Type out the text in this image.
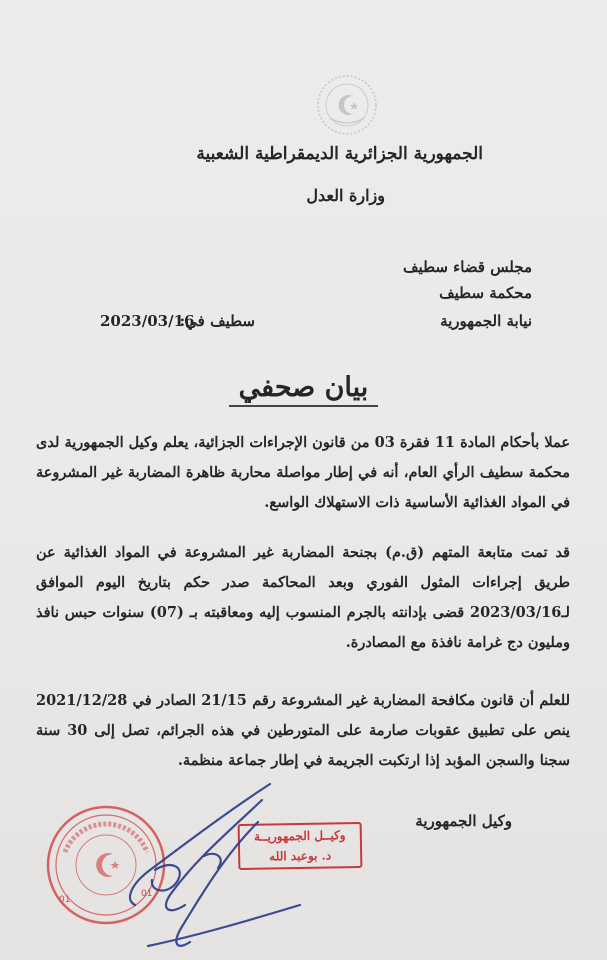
الجمهورية الجزائرية الديمقراطية الشعبية
وزارة العدل
مجلس قضاء سطيف
محكمة سطيف
نيابة الجمهورية
سطيف في:
2023/03/16
بيان صحفي
عملا بأحكام المادة 11 فقرة 03 من قانون الإجراءات الجزائية، يعلم وكيل الجمهورية لدى محكمة سطيف الرأي العام، أنه في إطار مواصلة محاربة ظاهرة المضاربة غير المشروعة في المواد الغذائية الأساسية ذات الاستهلاك الواسع.
قد تمت متابعة المتهم (ق.م) بجنحة المضاربة غير المشروعة في المواد الغذائية عن طريق إجراءات المثول الفوري وبعد المحاكمة صدر حكم بتاريخ اليوم الموافق لـ2023/03/16 قضى بإدانته بالجرم المنسوب إليه ومعاقبته بـ (07) سنوات حبس نافذ ومليون دج غرامة نافذة مع المصادرة.
للعلم أن قانون مكافحة المضاربة غير المشروعة رقم 21/15 الصادر في 2021/12/28 ينص على تطبيق عقوبات صارمة على المتورطين في هذه الجرائم، تصل إلى 30 سنة سجنا والسجن المؤبد إذا ارتكبت الجريمة في إطار جماعة منظمة.
وكيل الجمهورية
وكيــل الجمهوريــة
د. بوعبد الله
01
01
